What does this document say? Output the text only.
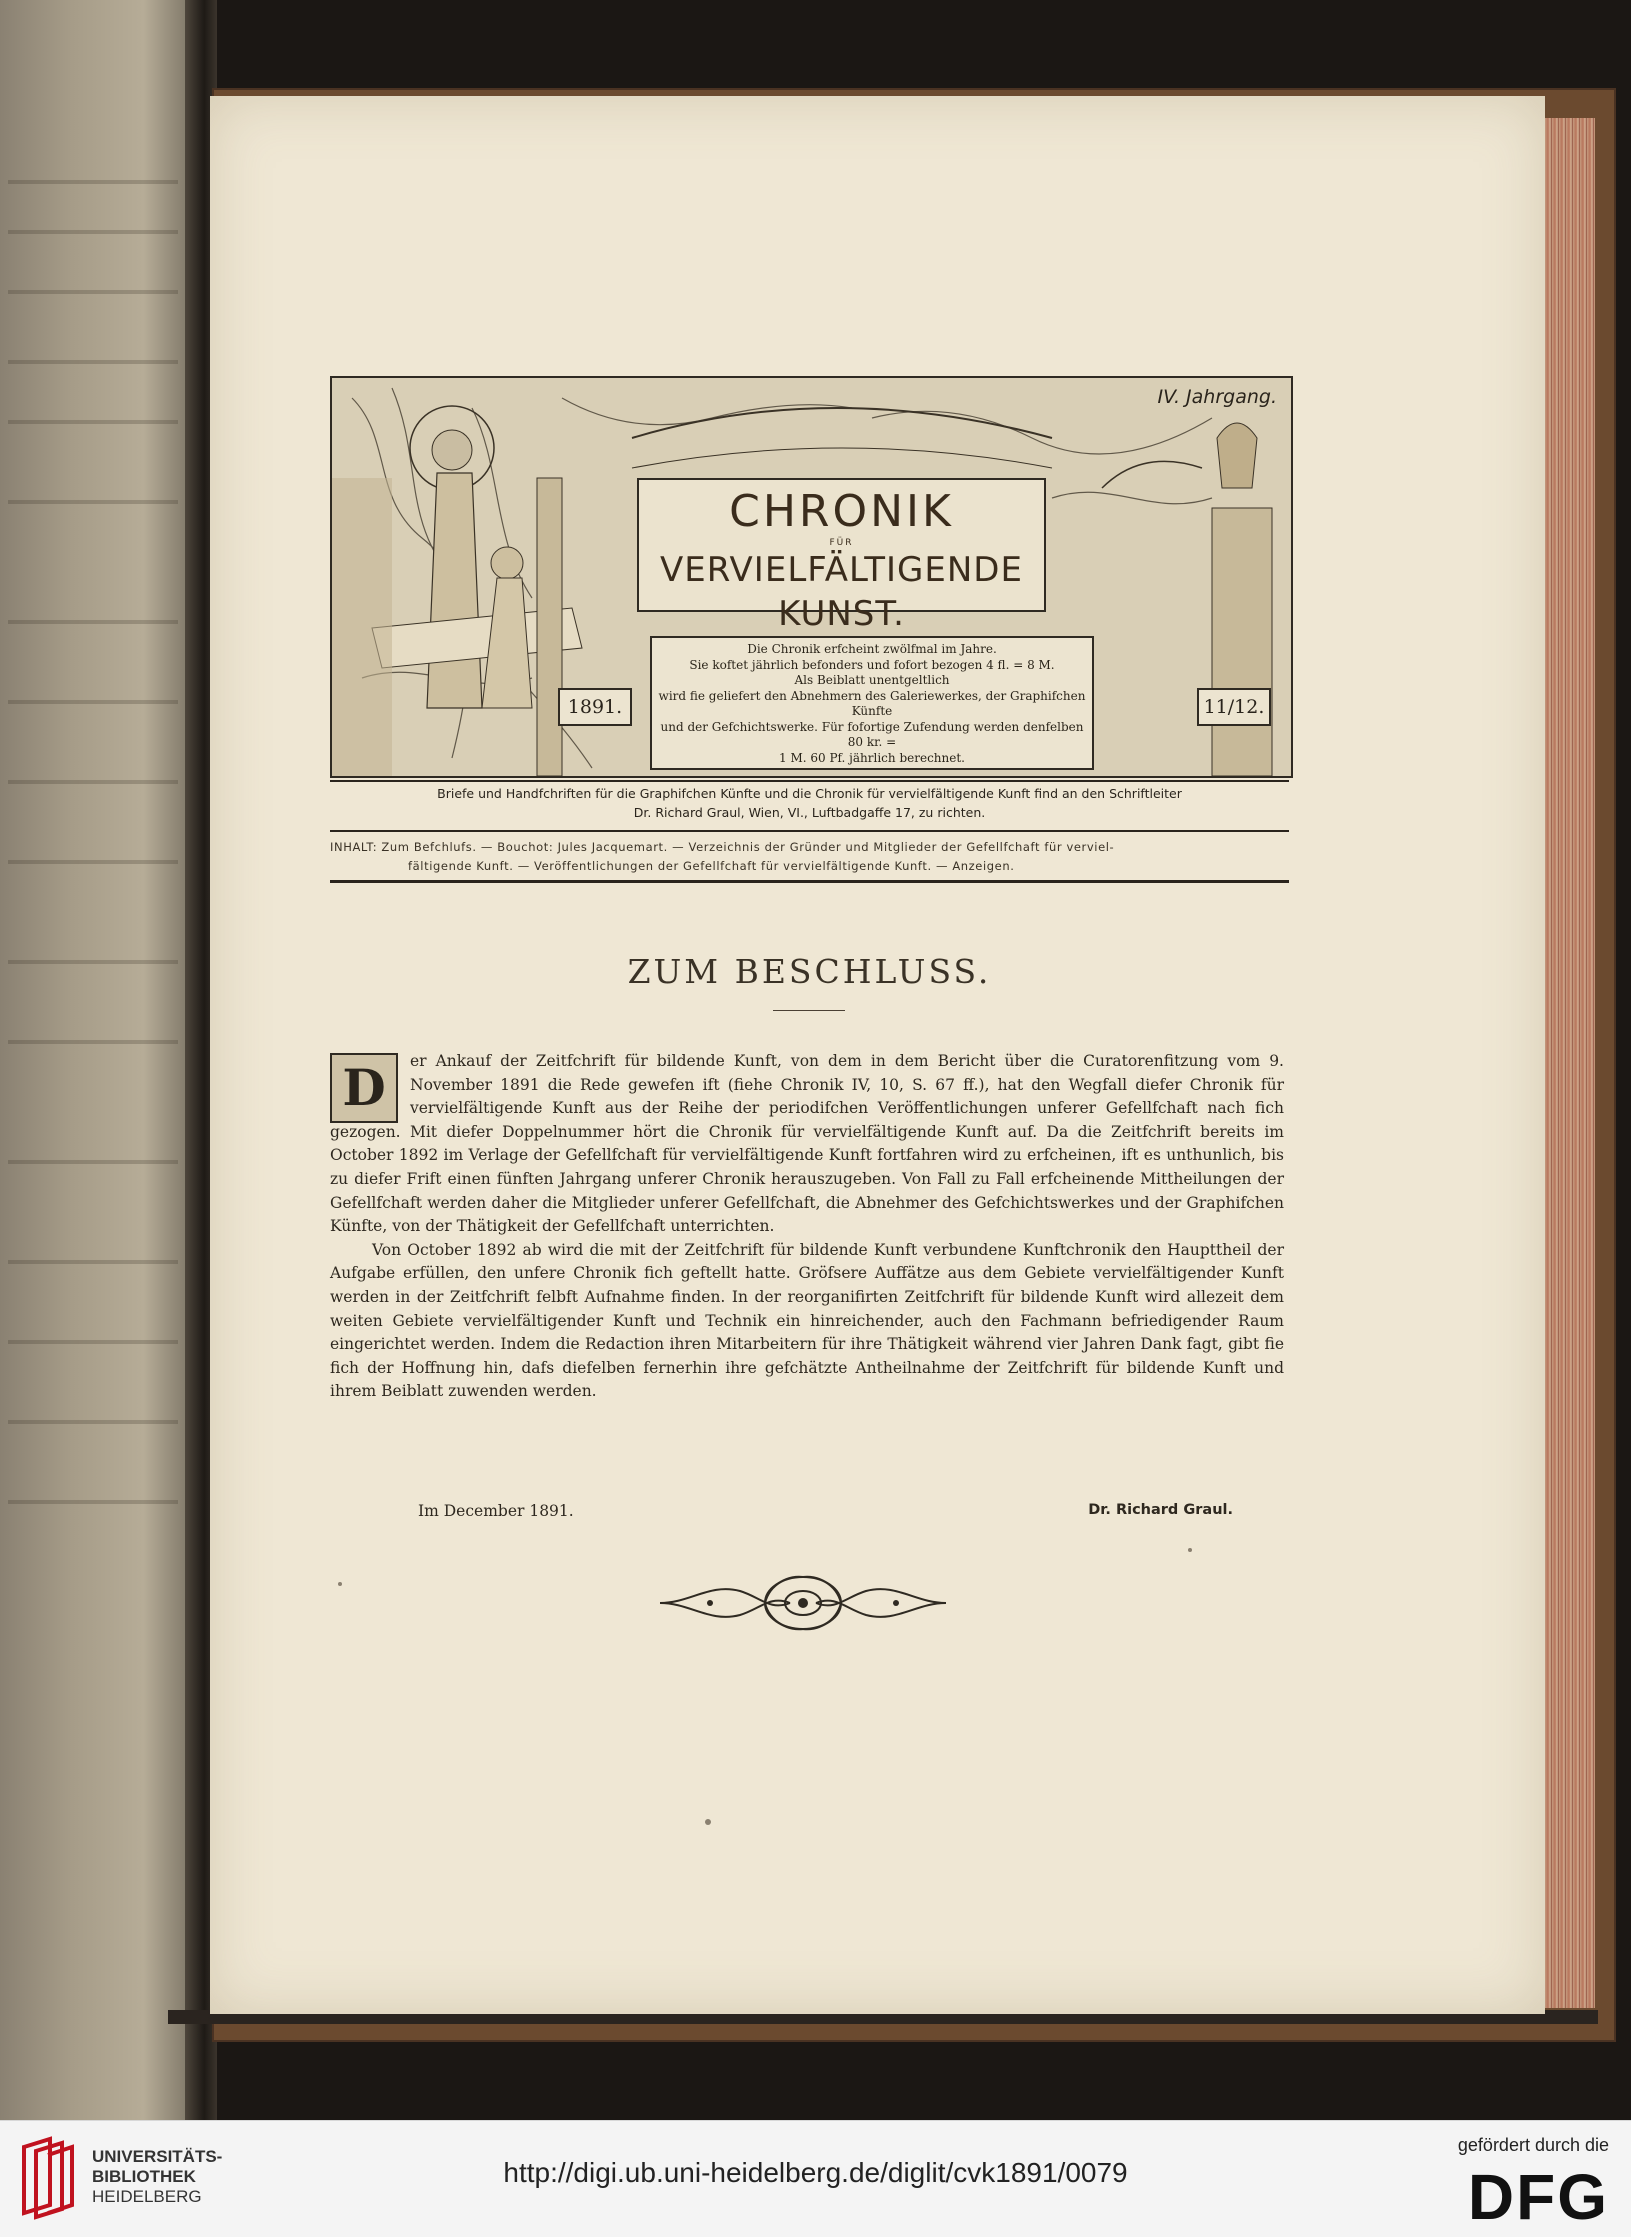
IV. Jahrgang.
CHRONIK
FÜR
VERVIELFÄLTIGENDE KUNST.
1891.	11/12.
Die Chronik erfcheint zwölfmal im Jahre.
Sie koftet jährlich befonders und fofort bezogen 4 fl. = 8 M.
Als Beiblatt unentgeltlich
wird fie geliefert den Abnehmern des Galeriewerkes, der Graphifchen Künfte
und der Gefchichtswerke. Für fofortige Zufendung werden denfelben 80 kr. =
1 M. 60 Pf. jährlich berechnet.
Briefe und Handfchriften für die Graphifchen Künfte und die Chronik für vervielfältigende Kunft find an den Schriftleiter
Dr. Richard Graul, Wien, VI., Luftbadgaffe 17, zu richten.
INHALT: Zum Befchlufs. — Bouchot: Jules Jacquemart. — Verzeichnis der Gründer und Mitglieder der Gefellfchaft für verviel-
fältigende Kunft. — Veröffentlichungen der Gefellfchaft für vervielfältigende Kunft. — Anzeigen.
ZUM BESCHLUSS.

er Ankauf der Zeitfchrift für bildende Kunft, von dem in dem Bericht über die Curatorenfitzung vom 9. November 1891 die Rede gewefen ift (fiehe Chronik IV, 10, S. 67 ff.), hat den Wegfall diefer Chronik für vervielfältigende Kunft aus der Reihe der periodifchen Veröffentlichungen unferer Gefellfchaft nach fich gezogen. Mit diefer Doppelnummer hört die Chronik für vervielfältigende Kunft auf. Da die Zeitfchrift bereits im October 1892 im Verlage der Gefellfchaft für vervielfältigende Kunft fortfahren wird zu erfcheinen, ift es unthunlich, bis zu diefer Frift einen fünften Jahrgang unferer Chronik herauszugeben. Von Fall zu Fall erfcheinende Mittheilungen der Gefellfchaft werden daher die Mitglieder unferer Gefellfchaft, die Abnehmer des Gefchichtswerkes und der Graphifchen Künfte, von der Thätigkeit der Gefellfchaft unterrichten.

Von October 1892 ab wird die mit der Zeitfchrift für bildende Kunft verbundene Kunftchronik den Haupttheil der Aufgabe erfüllen, den unfere Chronik fich geftellt hatte. Gröfsere Auffätze aus dem Gebiete vervielfältigender Kunft werden in der Zeitfchrift felbft Aufnahme finden. In der reorganifirten Zeitfchrift für bildende Kunft wird allezeit dem weiten Gebiete vervielfältigender Kunft und Technik ein hinreichender, auch den Fachmann befriedigender Raum eingerichtet werden. Indem die Redaction ihren Mitarbeitern für ihre Thätigkeit während vier Jahren Dank fagt, gibt fie fich der Hoffnung hin, dafs diefelben fernerhin ihre gefchätzte Antheilnahme der Zeitfchrift für bildende Kunft und ihrem Beiblatt zuwenden werden.

D
Im December 1891.	Dr. Richard Graul.
UNIVERSITÄTS-
BIBLIOTHEK
HEIDELBERG
http://digi.ub.uni-heidelberg.de/diglit/cvk1891/0079
gefördert durch die
DFG
